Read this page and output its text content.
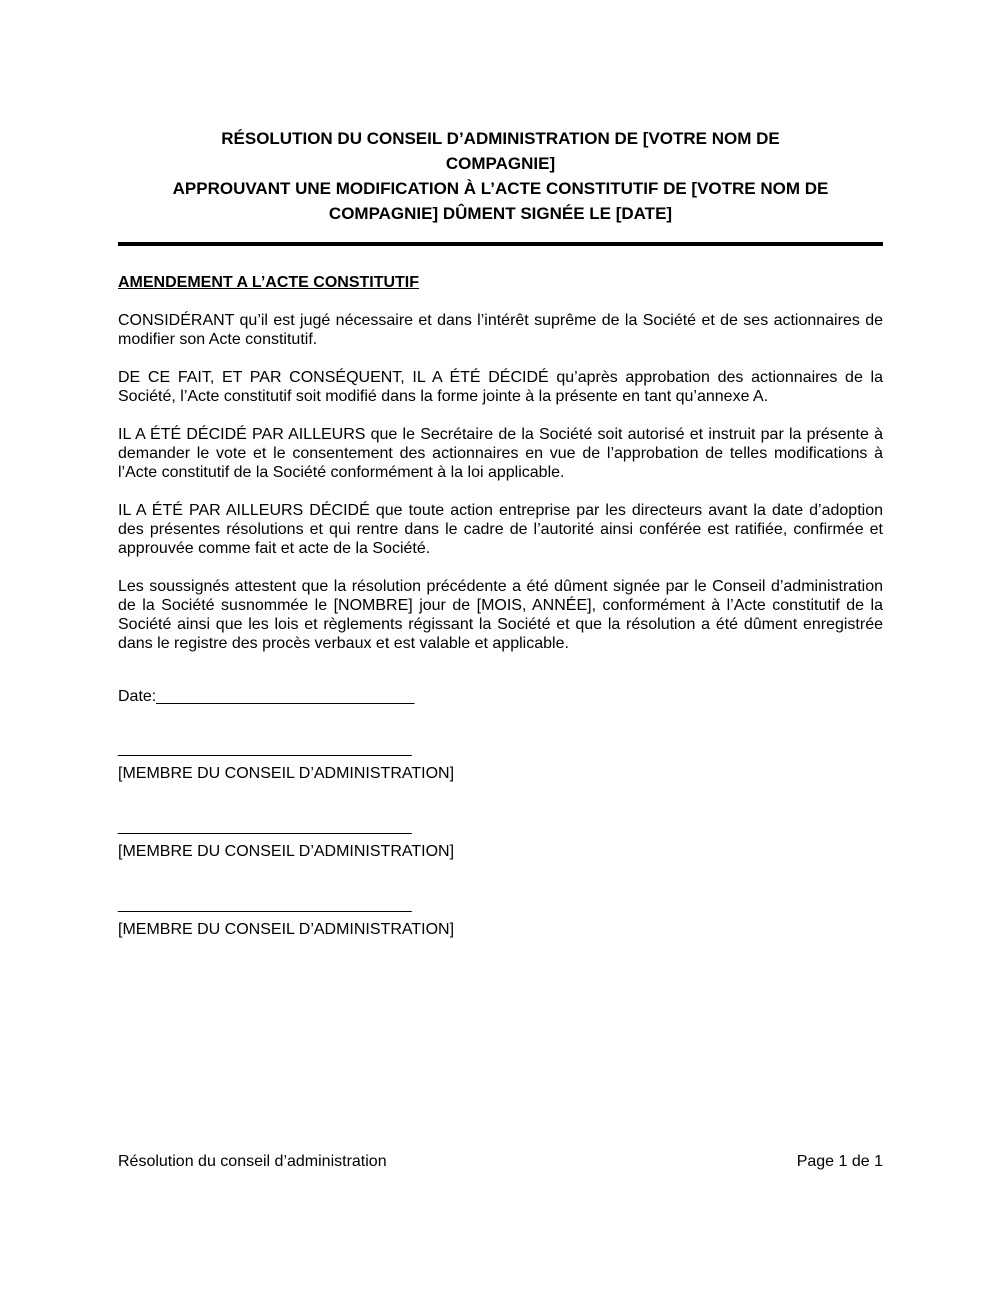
RÉSOLUTION DU CONSEIL D’ADMINISTRATION DE [VOTRE NOM DE
COMPAGNIE]
APPROUVANT UNE MODIFICATION À L’ACTE CONSTITUTIF DE [VOTRE NOM DE
COMPAGNIE] DÛMENT SIGNÉE LE [DATE]
AMENDEMENT A L’ACTE CONSTITUTIF

CONSIDÉRANT qu’il est jugé nécessaire et dans l’intérêt suprême de la Société et de ses actionnaires de modifier son Acte constitutif.

DE CE FAIT, ET PAR CONSÉQUENT, IL A ÉTÉ DÉCIDÉ qu’après approbation des actionnaires de la Société, l’Acte constitutif soit modifié dans la forme jointe à la présente en tant qu’annexe A.

IL A ÉTÉ DÉCIDÉ PAR AILLEURS que le Secrétaire de la Société soit autorisé et instruit par la présente à demander le vote et le consentement des actionnaires en vue de l’approbation de telles modifications à l’Acte constitutif de la Société conformément à la loi applicable.

IL A ÉTÉ PAR AILLEURS DÉCIDÉ que toute action entreprise par les directeurs avant la date d’adoption des présentes résolutions et qui rentre dans le cadre de l’autorité ainsi conférée est ratifiée, confirmée et approuvée comme fait et acte de la Société.

Les soussignés attestent que la résolution précédente a été dûment signée par le Conseil d’administration de la Société susnommée le [NOMBRE] jour de [MOIS, ANNÉE], conformément à l’Acte constitutif de la Société ainsi que les lois et règlements régissant la Société et que la résolution a été dûment enregistrée dans le registre des procès verbaux et est valable et applicable.

Date:_____________________________

_________________________________

[MEMBRE DU CONSEIL D’ADMINISTRATION]

_________________________________

[MEMBRE DU CONSEIL D’ADMINISTRATION]

_________________________________

[MEMBRE DU CONSEIL D’ADMINISTRATION]

Résolution du conseil d’administration	Page 1 de 1
